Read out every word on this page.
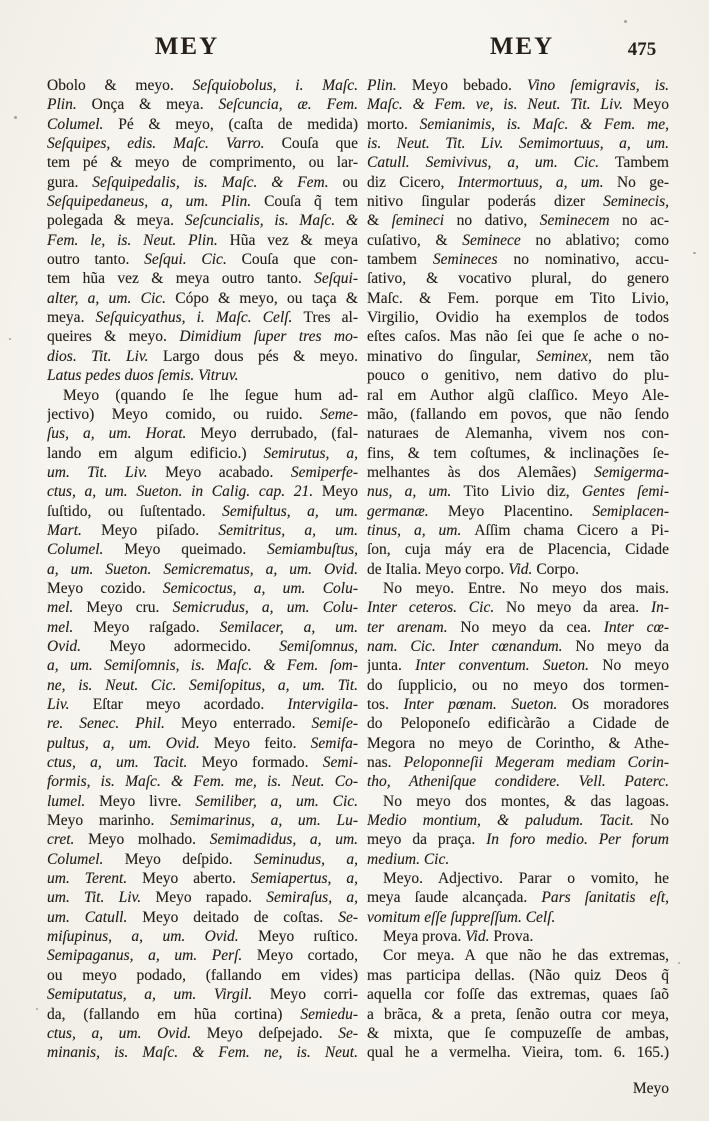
MEY	MEY	475
Obolo & meyo. Seſquiobolus, i. Maſc.
Plin. Onça & meya. Seſcuncia, æ. Fem.
Columel. Pé & meyo, (caſta de medida)
Seſquipes, edis. Maſc. Varro. Couſa que
tem pé & meyo de comprimento, ou lar-
gura. Seſquipedalis, is. Maſc. & Fem. ou
Seſquipedaneus, a, um. Plin. Couſa q̃ tem
polegada & meya. Seſcuncialis, is. Maſc. &
Fem. le, is. Neut. Plin. Hũa vez & meya
outro tanto. Seſqui. Cic. Couſa que con-
tem hũa vez & meya outro tanto. Seſqui-
alter, a, um. Cic. Cópo & meyo, ou taça &
meya. Seſquicyathus, i. Maſc. Celſ. Tres al-
queires & meyo. Dimidium ſuper tres mo-
dios. Tit. Liv. Largo dous pés & meyo.
Latus pedes duos ſemis. Vitruv.
Meyo (quando ſe lhe ſegue hum ad-
jectivo) Meyo comido, ou ruido. Seme-
ſus, a, um. Horat. Meyo derrubado, (fal-
lando em algum edificio.) Semirutus, a,
um. Tit. Liv. Meyo acabado. Semiperfe-
ctus, a, um. Sueton. in Calig. cap. 21. Meyo
ſuſtido, ou ſuſtentado. Semifultus, a, um.
Mart. Meyo piſado. Semitritus, a, um.
Columel. Meyo queimado. Semiambuſtus,
a, um. Sueton. Semicrematus, a, um. Ovid.
Meyo cozido. Semicoctus, a, um. Colu-
mel. Meyo cru. Semicrudus, a, um. Colu-
mel. Meyo raſgado. Semilacer, a, um.
Ovid. Meyo adormecido. Semiſomnus,
a, um. Semiſomnis, is. Maſc. & Fem. ſom-
ne, is. Neut. Cic. Semiſopitus, a, um. Tit.
Liv. Eſtar meyo acordado. Intervigila-
re. Senec. Phil. Meyo enterrado. Semiſe-
pultus, a, um. Ovid. Meyo feito. Semifa-
ctus, a, um. Tacit. Meyo formado. Semi-
formis, is. Maſc. & Fem. me, is. Neut. Co-
lumel. Meyo livre. Semiliber, a, um. Cic.
Meyo marinho. Semimarinus, a, um. Lu-
cret. Meyo molhado. Semimadidus, a, um.
Columel. Meyo deſpido. Seminudus, a,
um. Terent. Meyo aberto. Semiapertus, a,
um. Tit. Liv. Meyo rapado. Semiraſus, a,
um. Catull. Meyo deitado de coſtas. Se-
miſupinus, a, um. Ovid. Meyo ruſtico.
Semipaganus, a, um. Perſ. Meyo cortado,
ou meyo podado, (fallando em vides)
Semiputatus, a, um. Virgil. Meyo corri-
da, (fallando em hũa cortina) Semiedu-
ctus, a, um. Ovid. Meyo deſpejado. Se-
minanis, is. Maſc. & Fem. ne, is. Neut.
Plin. Meyo bebado. Vino ſemigravis, is.
Maſc. & Fem. ve, is. Neut. Tit. Liv. Meyo
morto. Semianimis, is. Maſc. & Fem. me,
is. Neut. Tit. Liv. Semimortuus, a, um.
Catull. Semivivus, a, um. Cic. Tambem
diz Cicero, Intermortuus, a, um. No ge-
nitivo ſingular poderás dizer Seminecis,
& ſemineci no dativo, Seminecem no ac-
cuſativo, & Seminece no ablativo; como
tambem Semineces no nominativo, accu-
ſativo, & vocativo plural, do genero
Maſc. & Fem. porque em Tito Livio,
Virgilio, Ovidio ha exemplos de todos
eſtes caſos. Mas não ſei que ſe ache o no-
minativo do ſingular, Seminex, nem tão
pouco o genitivo, nem dativo do plu-
ral em Author algũ claſſico. Meyo Ale-
mão, (fallando em povos, que não ſendo
naturaes de Alemanha, vivem nos con-
fins, & tem coſtumes, & inclinações ſe-
melhantes às dos Alemães) Semigerma-
nus, a, um. Tito Livio diz, Gentes ſemi-
germanæ. Meyo Placentino. Semiplacen-
tinus, a, um. Aſſim chama Cicero a Pi-
ſon, cuja máy era de Placencia, Cidade
de Italia. Meyo corpo. Vid. Corpo.
No meyo. Entre. No meyo dos mais.
Inter ceteros. Cic. No meyo da area. In-
ter arenam. No meyo da cea. Inter cœ-
nam. Cic. Inter cœnandum. No meyo da
junta. Inter conventum. Sueton. No meyo
do ſupplicio, ou no meyo dos tormen-
tos. Inter pœnam. Sueton. Os moradores
do Peloponeſo edificàrão a Cidade de
Megora no meyo de Corintho, & Athe-
nas. Peloponneſii Megeram mediam Corin-
tho, Atheniſque condidere. Vell. Paterc.
No meyo dos montes, & das lagoas.
Medio montium, & paludum. Tacit. No
meyo da praça. In foro medio. Per forum
medium. Cic.
Meyo. Adjectivo. Parar o vomito, he
meya ſaude alcançada. Pars ſanitatis eſt,
vomitum eſſe ſuppreſſum. Celſ.
Meya prova. Vid. Prova.
Cor meya. A que não he das extremas,
mas participa dellas. (Não quiz Deos q̃
aquella cor foſſe das extremas, quaes ſaõ
a brãca, & a preta, ſenão outra cor meya,
& mixta, que ſe compuzeſſe de ambas,
qual he a vermelha. Vieira, tom. 6. 165.)
Meyo
